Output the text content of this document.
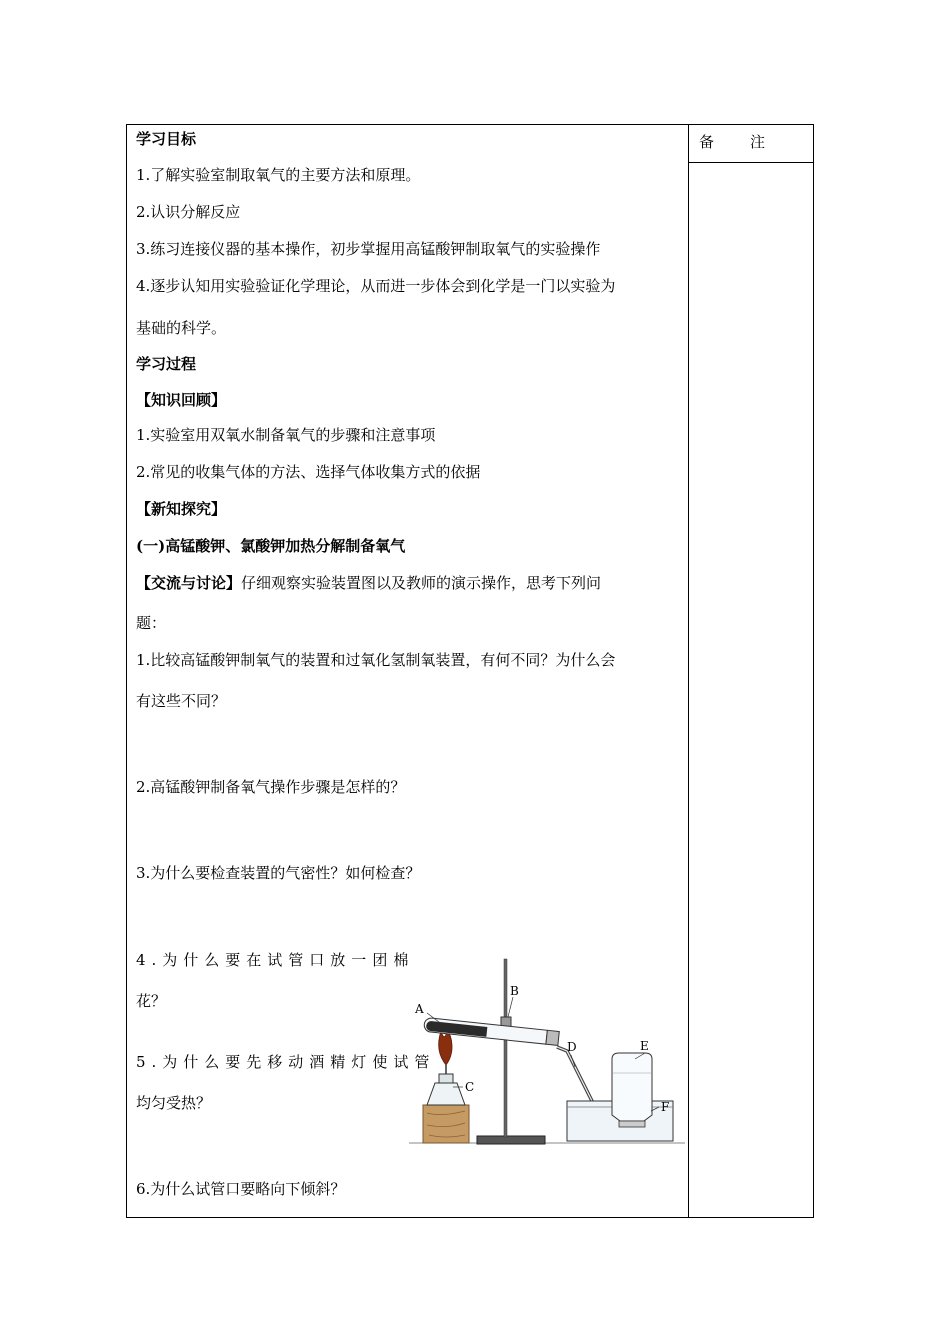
学习目标
1.了解实验室制取氧气的主要方法和原理。
2.认识分解反应
3.练习连接仪器的基本操作，初步掌握用高锰酸钾制取氧气的实验操作
4.逐步认知用实验验证化学理论，从而进一步体会到化学是一门以实验为
基础的科学。
学习过程
【知识回顾】
1.实验室用双氧水制备氧气的步骤和注意事项
2.常见的收集气体的方法、选择气体收集方式的依据
【新知探究】
(一)高锰酸钾、氯酸钾加热分解制备氧气
【交流与讨论】仔细观察实验装置图以及教师的演示操作，思考下列问
题：
1.比较高锰酸钾制氧气的装置和过氧化氢制氧装置，有何不同？为什么会
有这些不同？
2.高锰酸钾制备氧气操作步骤是怎样的？
3.为什么要检查装置的气密性？如何检查？
4.为什么要在试管口放一团棉
花？
5.为什么要先移动酒精灯使试管
均匀受热？
6.为什么试管口要略向下倾斜？
A
B
C
D	E
F
备 注
